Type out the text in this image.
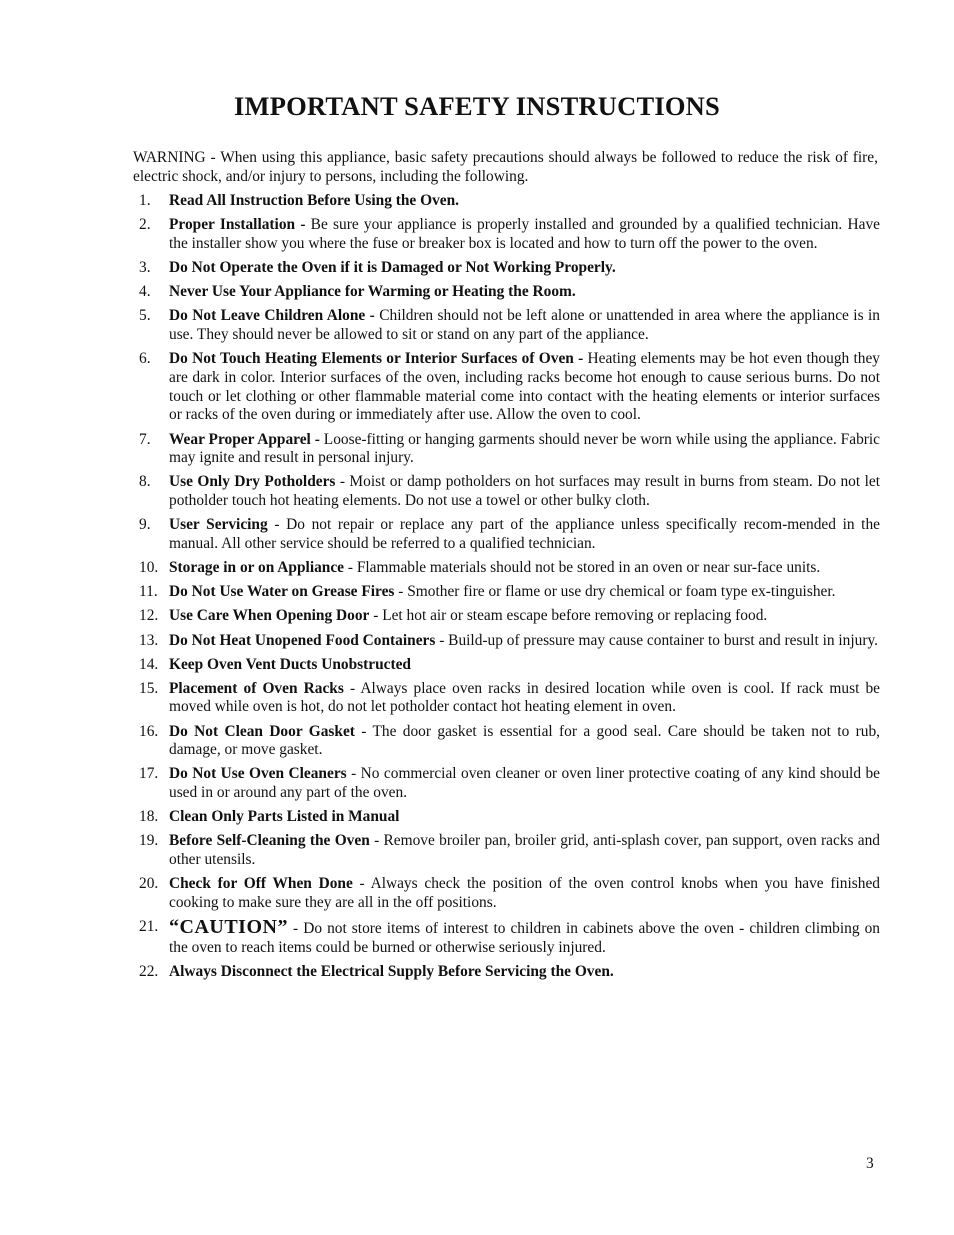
IMPORTANT SAFETY INSTRUCTIONS

WARNING - When using this appliance, basic safety precautions should always be followed to reduce the risk of fire, electric shock, and/or injury to persons, including the following.

1.	Read All Instruction Before Using the Oven.
2.	Proper Installation - Be sure your appliance is properly installed and grounded by a qualified technician. Have the installer show you where the fuse or breaker box is located and how to turn off the power to the oven.
3.	Do Not Operate the Oven if it is Damaged or Not Working Properly.
4.	Never Use Your Appliance for Warming or Heating the Room.
5.	Do Not Leave Children Alone - Children should not be left alone or unattended in area where the appliance is in use. They should never be allowed to sit or stand on any part of the appliance.
6.	Do Not Touch Heating Elements or Interior Surfaces of Oven - Heating elements may be hot even though they are dark in color. Interior surfaces of the oven, including racks become hot enough to cause serious burns. Do not touch or let clothing or other flammable material come into contact with the heating elements or interior surfaces or racks of the oven during or immediately after use. Allow the oven to cool.
7.	Wear Proper Apparel - Loose-fitting or hanging garments should never be worn while using the appliance. Fabric may ignite and result in personal injury.
8.	Use Only Dry Potholders - Moist or damp potholders on hot surfaces may result in burns from steam. Do not let potholder touch hot heating elements. Do not use a towel or other bulky cloth.
9.	User Servicing - Do not repair or replace any part of the appliance unless specifically recom-mended in the manual. All other service should be referred to a qualified technician.
10. Storage in or on Appliance - Flammable materials should not be stored in an oven or near sur-face units.
11. Do Not Use Water on Grease Fires - Smother fire or flame or use dry chemical or foam type ex-tinguisher.
12. Use Care When Opening Door - Let hot air or steam escape before removing or replacing food.
13. Do Not Heat Unopened Food Containers - Build-up of pressure may cause container to burst and result in injury.
14. Keep Oven Vent Ducts Unobstructed
15. Placement of Oven Racks - Always place oven racks in desired location while oven is cool. If rack must be moved while oven is hot, do not let potholder contact hot heating element in oven.
16. Do Not Clean Door Gasket - The door gasket is essential for a good seal. Care should be taken not to rub, damage, or move gasket.
17. Do Not Use Oven Cleaners - No commercial oven cleaner or oven liner protective coating of any kind should be used in or around any part of the oven.
18. Clean Only Parts Listed in Manual
19. Before Self-Cleaning the Oven - Remove broiler pan, broiler grid, anti-splash cover, pan support, oven racks and other utensils.
20. Check for Off When Done - Always check the position of the oven control knobs when you have finished cooking to make sure they are all in the off positions.
21. “CAUTION” - Do not store items of interest to children in cabinets above the oven - children climbing on the oven to reach items could be burned or otherwise seriously injured.
22. Always Disconnect the Electrical Supply Before Servicing the Oven.
3
